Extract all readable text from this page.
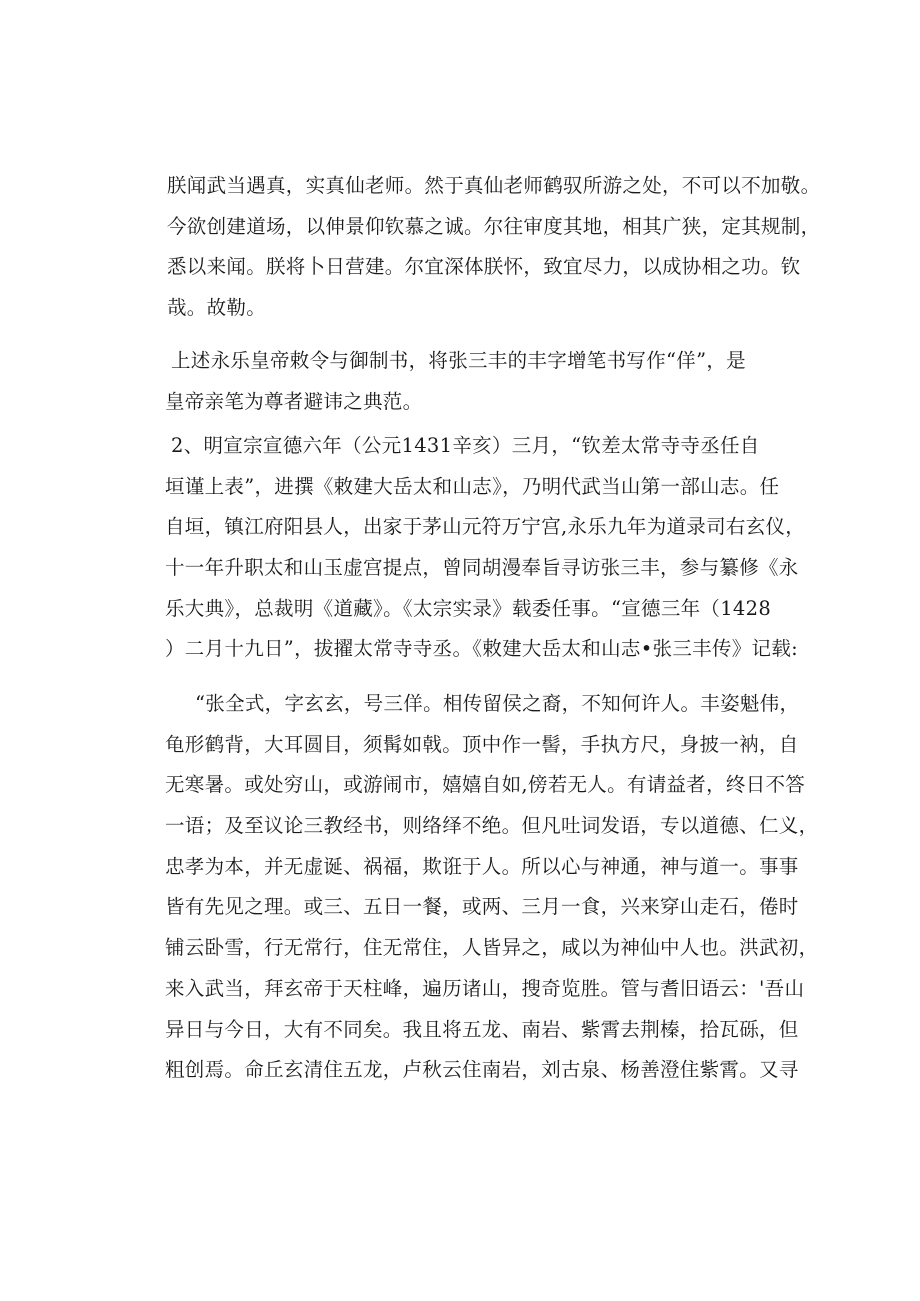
朕闻武当遇真，实真仙老师。然于真仙老师鹤驭所游之处，不可以不加敬。
今欲创建道场，以伸景仰钦慕之诚。尔往审度其地，相其广狭，定其规制，
悉以来闻。朕将卜日营建。尔宜深体朕怀，致宜尽力，以成协相之功。钦
哉。故勒。
上述永乐皇帝敕令与御制书，将张三丰的丰字增笔书写作“佯”，是
皇帝亲笔为尊者避讳之典范。
2、明宣宗宣德六年（公元1431辛亥）三月，“钦差太常寺寺丞任自
垣谨上表”，进撰《敕建大岳太和山志》，乃明代武当山第一部山志。任
自垣，镇江府阳县人，出家于茅山元符万宁宫,永乐九年为道录司右玄仪，
十一年升职太和山玉虚宫提点，曾同胡漫奉旨寻访张三丰，参与纂修《永
乐大典》，总裁明《道藏》。《太宗实录》载委任事。“宣德三年（1428
）二月十九日”，拔擢太常寺寺丞。《敕建大岳太和山志•张三丰传》记载:
“张全式，字玄玄，号三佯。相传留侯之裔，不知何许人。丰姿魁伟，
龟形鹤背，大耳圆目，须髯如戟。顶中作一髻，手执方尺，身披一衲，自
无寒暑。或处穷山，或游闹市，嬉嬉自如,傍若无人。有请益者，终日不答
一语；及至议论三教经书，则络绎不绝。但凡吐词发语，专以道德、仁义，
忠孝为本，并无虚诞、祸福，欺诳于人。所以心与神通，神与道一。事事
皆有先见之理。或三、五日一餐，或两、三月一食，兴来穿山走石，倦时
铺云卧雪，行无常行，住无常住，人皆异之，咸以为神仙中人也。洪武初，
来入武当，拜玄帝于天柱峰，遍历诸山，搜奇览胜。管与耆旧语云：'吾山
异日与今日，大有不同矣。我且将五龙、南岩、紫霄去荆榛，拾瓦砾，但
粗创焉。命丘玄清住五龙，卢秋云住南岩，刘古泉、杨善澄住紫霄。又寻
